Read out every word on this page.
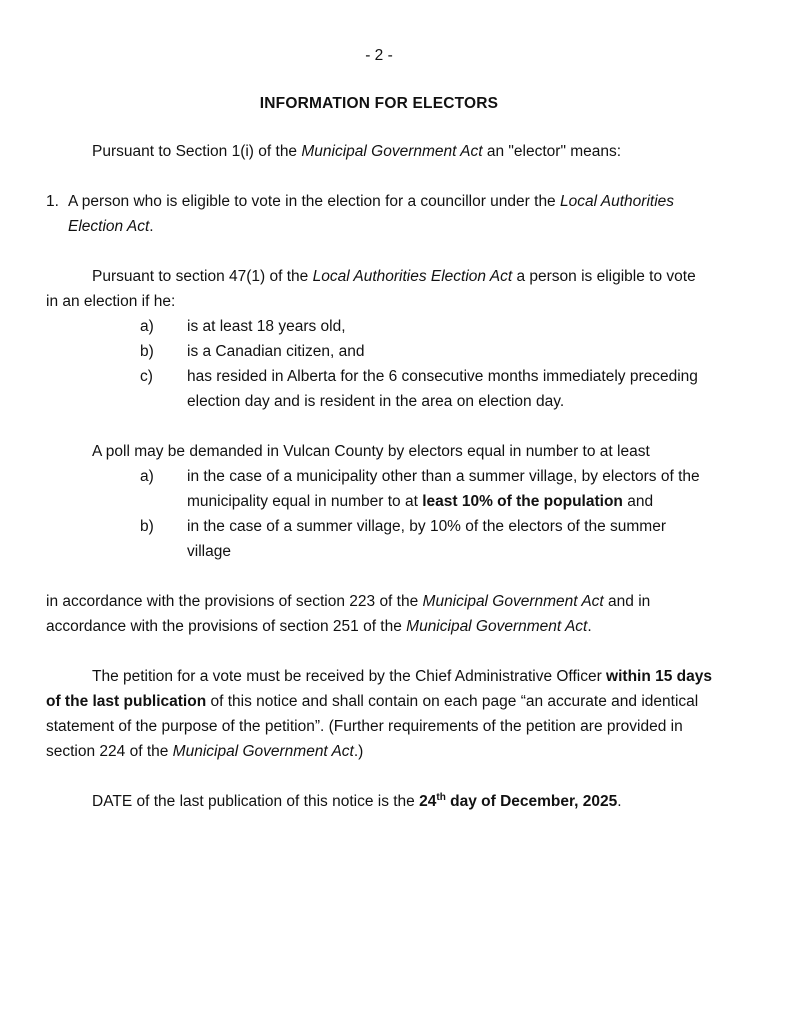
- 2 -
INFORMATION FOR ELECTORS

Pursuant to Section 1(i) of the Municipal Government Act an "elector" means:

1. A person who is eligible to vote in the election for a councillor under the Local Authorities Election Act.

Pursuant to section 47(1) of the Local Authorities Election Act a person is eligible to vote in an election if he:

a) is at least 18 years old,
b) is a Canadian citizen, and
c) has resided in Alberta for the 6 consecutive months immediately preceding election day and is resident in the area on election day.

A poll may be demanded in Vulcan County by electors equal in number to at least

a) in the case of a municipality other than a summer village, by electors of the municipality equal in number to at least 10% of the population and
b) in the case of a summer village, by 10% of the electors of the summer village

in accordance with the provisions of section 223 of the Municipal Government Act and in accordance with the provisions of section 251 of the Municipal Government Act.

The petition for a vote must be received by the Chief Administrative Officer within 15 days of the last publication of this notice and shall contain on each page “an accurate and identical statement of the purpose of the petition”. (Further requirements of the petition are provided in section 224 of the Municipal Government Act.)

DATE of the last publication of this notice is the 24th day of December, 2025.
